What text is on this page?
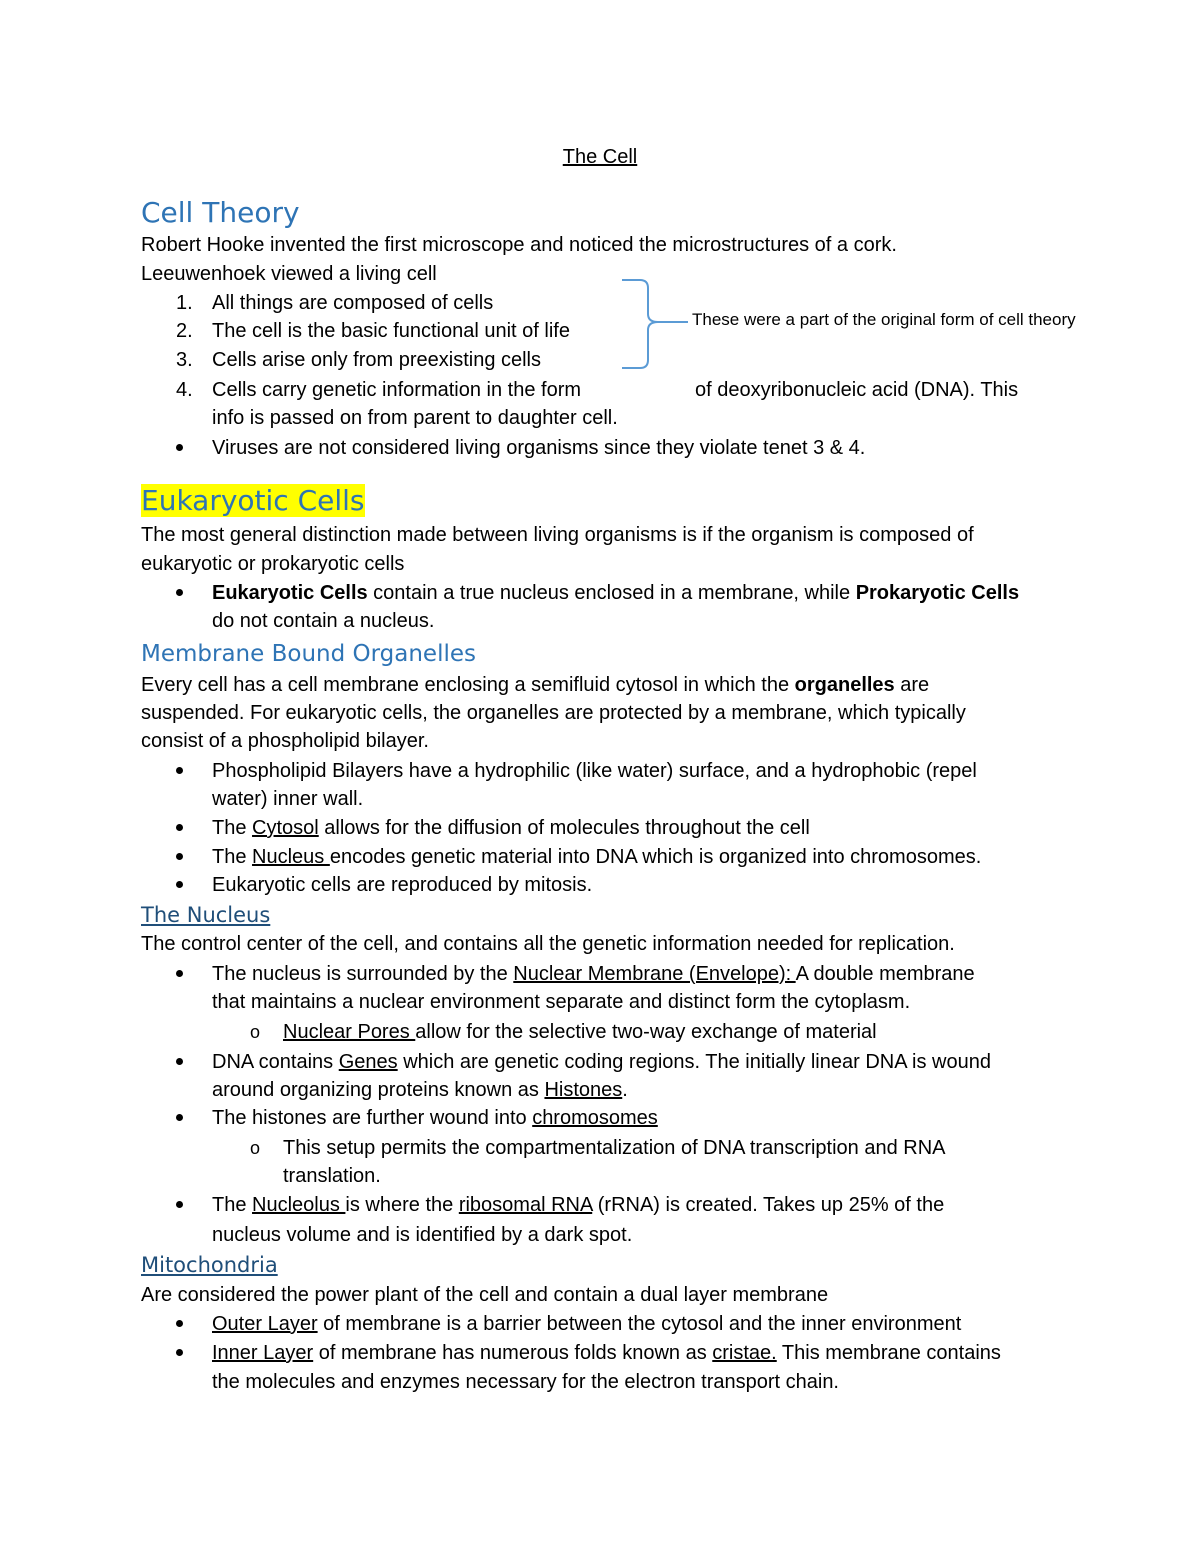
The Cell
Cell Theory
Robert Hooke invented the first microscope and noticed the microstructures of a cork.
Leeuwenhoek viewed a living cell
1. All things are composed of cells
2. The cell is the basic functional unit of life
3. Cells arise only from preexisting cells
4. Cells carry genetic information in the form	of deoxyribonucleic acid (DNA). This
info is passed on from parent to daughter cell.
These were a part of the original form of cell theory
Viruses are not considered living organisms since they violate tenet 3 & 4.
Eukaryotic Cells
The most general distinction made between living organisms is if the organism is composed of
eukaryotic or prokaryotic cells
Eukaryotic Cells contain a true nucleus enclosed in a membrane, while Prokaryotic Cells
do not contain a nucleus.
Membrane Bound Organelles
Every cell has a cell membrane enclosing a semifluid cytosol in which the organelles are
suspended. For eukaryotic cells, the organelles are protected by a membrane, which typically
consist of a phospholipid bilayer.
Phospholipid Bilayers have a hydrophilic (like water) surface, and a hydrophobic (repel
water) inner wall.
The Cytosol allows for the diffusion of molecules throughout the cell
The Nucleus encodes genetic material into DNA which is organized into chromosomes.
Eukaryotic cells are reproduced by mitosis.
The Nucleus
The control center of the cell, and contains all the genetic information needed for replication.
The nucleus is surrounded by the Nuclear Membrane (Envelope): A double membrane
that maintains a nuclear environment separate and distinct form the cytoplasm.
o Nuclear Pores allow for the selective two-way exchange of material
DNA contains Genes which are genetic coding regions. The initially linear DNA is wound
around organizing proteins known as Histones.
The histones are further wound into chromosomes
o This setup permits the compartmentalization of DNA transcription and RNA
translation.
The Nucleolus is where the ribosomal RNA (rRNA) is created. Takes up 25% of the
nucleus volume and is identified by a dark spot.
Mitochondria
Are considered the power plant of the cell and contain a dual layer membrane
Outer Layer of membrane is a barrier between the cytosol and the inner environment
Inner Layer of membrane has numerous folds known as cristae. This membrane contains
the molecules and enzymes necessary for the electron transport chain.
